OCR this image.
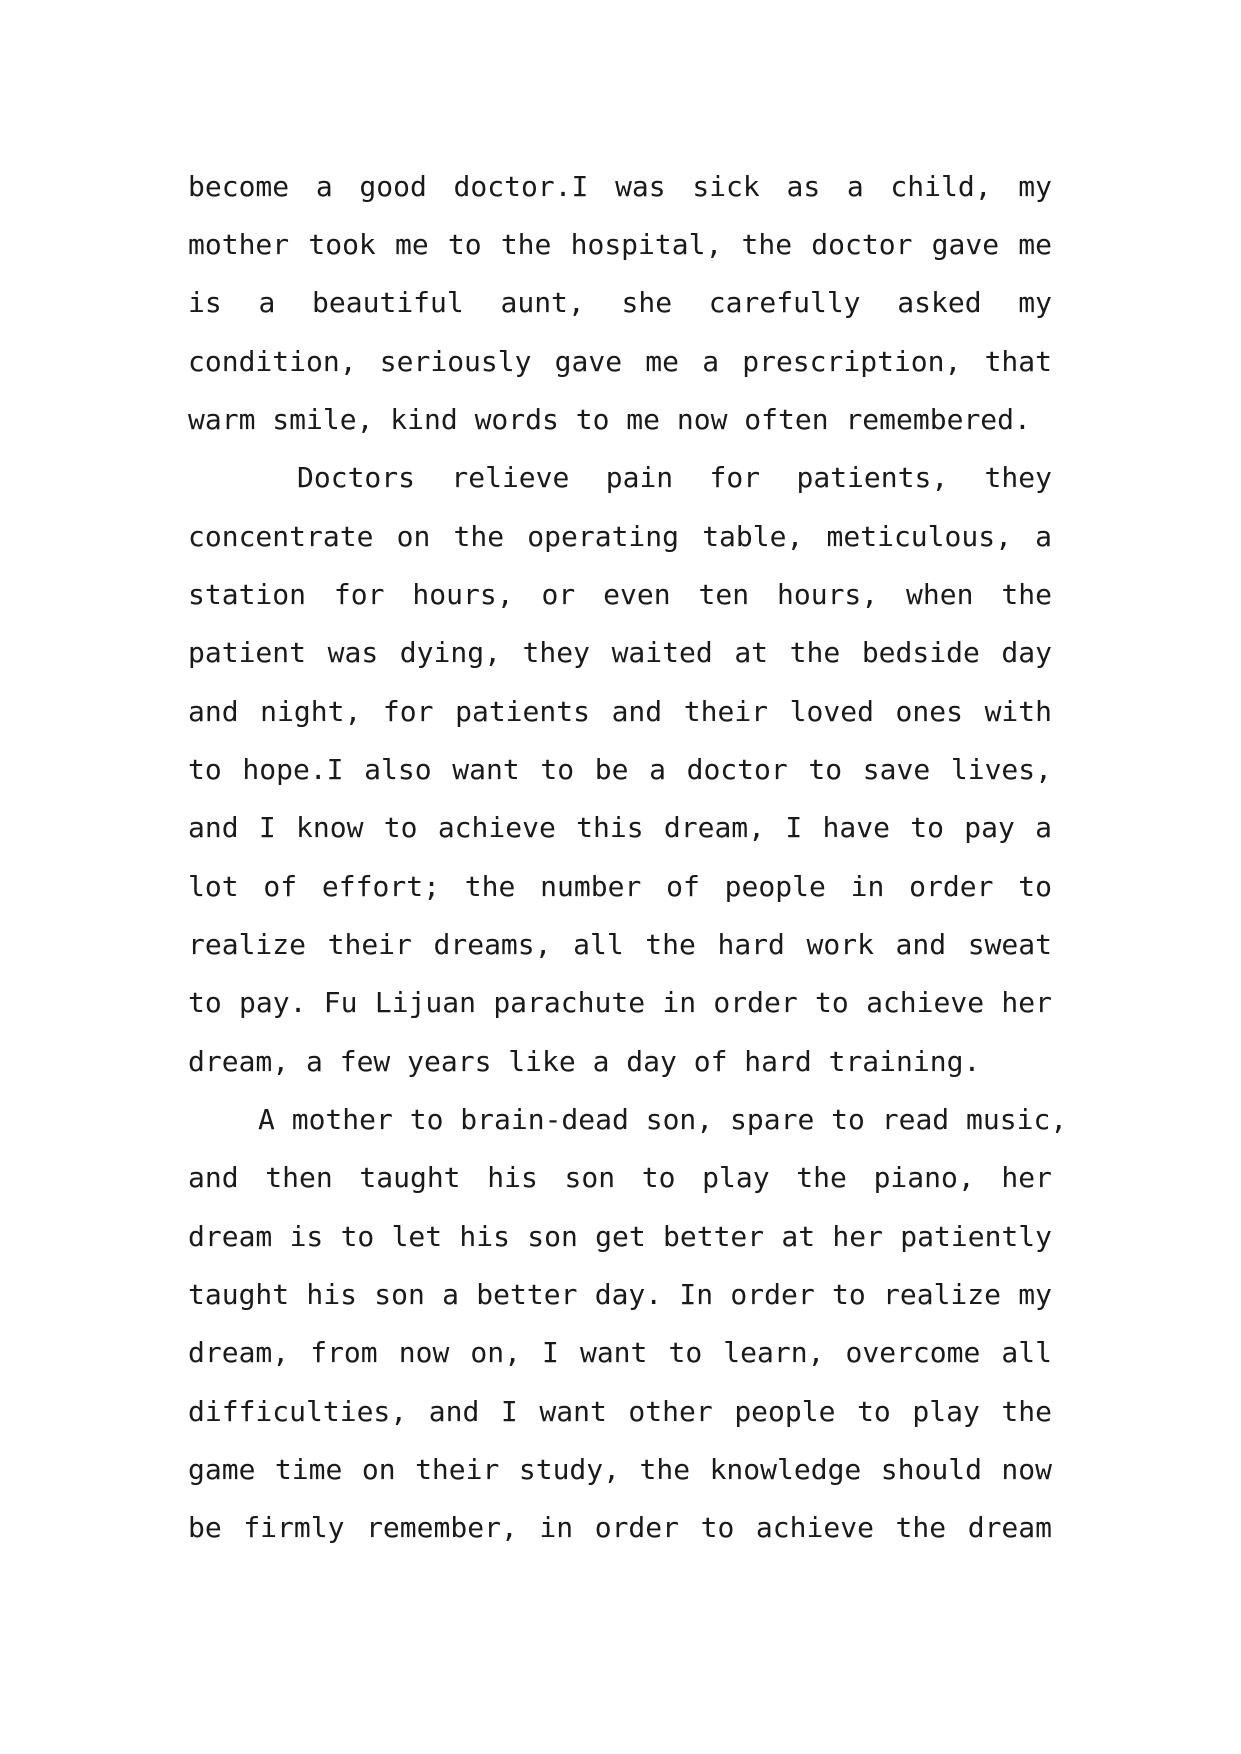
become a good doctor.I was sick as a child, my
mother took me to the hospital, the doctor gave me
is a beautiful aunt, she carefully asked my
condition, seriously gave me a prescription, that
warm smile, kind words to me now often remembered.
Doctors relieve pain for patients, they
concentrate on the operating table, meticulous, a
station for hours, or even ten hours, when the
patient was dying, they waited at the bedside day
and night, for patients and their loved ones with
to hope.I also want to be a doctor to save lives,
and I know to achieve this dream, I have to pay a
lot of effort; the number of people in order to
realize their dreams, all the hard work and sweat
to pay. Fu Lijuan parachute in order to achieve her
dream, a few years like a day of hard training.
A mother to brain-dead son, spare to read music,
and then taught his son to play the piano, her
dream is to let his son get better at her patiently
taught his son a better day. In order to realize my
dream, from now on, I want to learn, overcome all
difficulties, and I want other people to play the
game time on their study, the knowledge should now
be firmly remember, in order to achieve the dream
